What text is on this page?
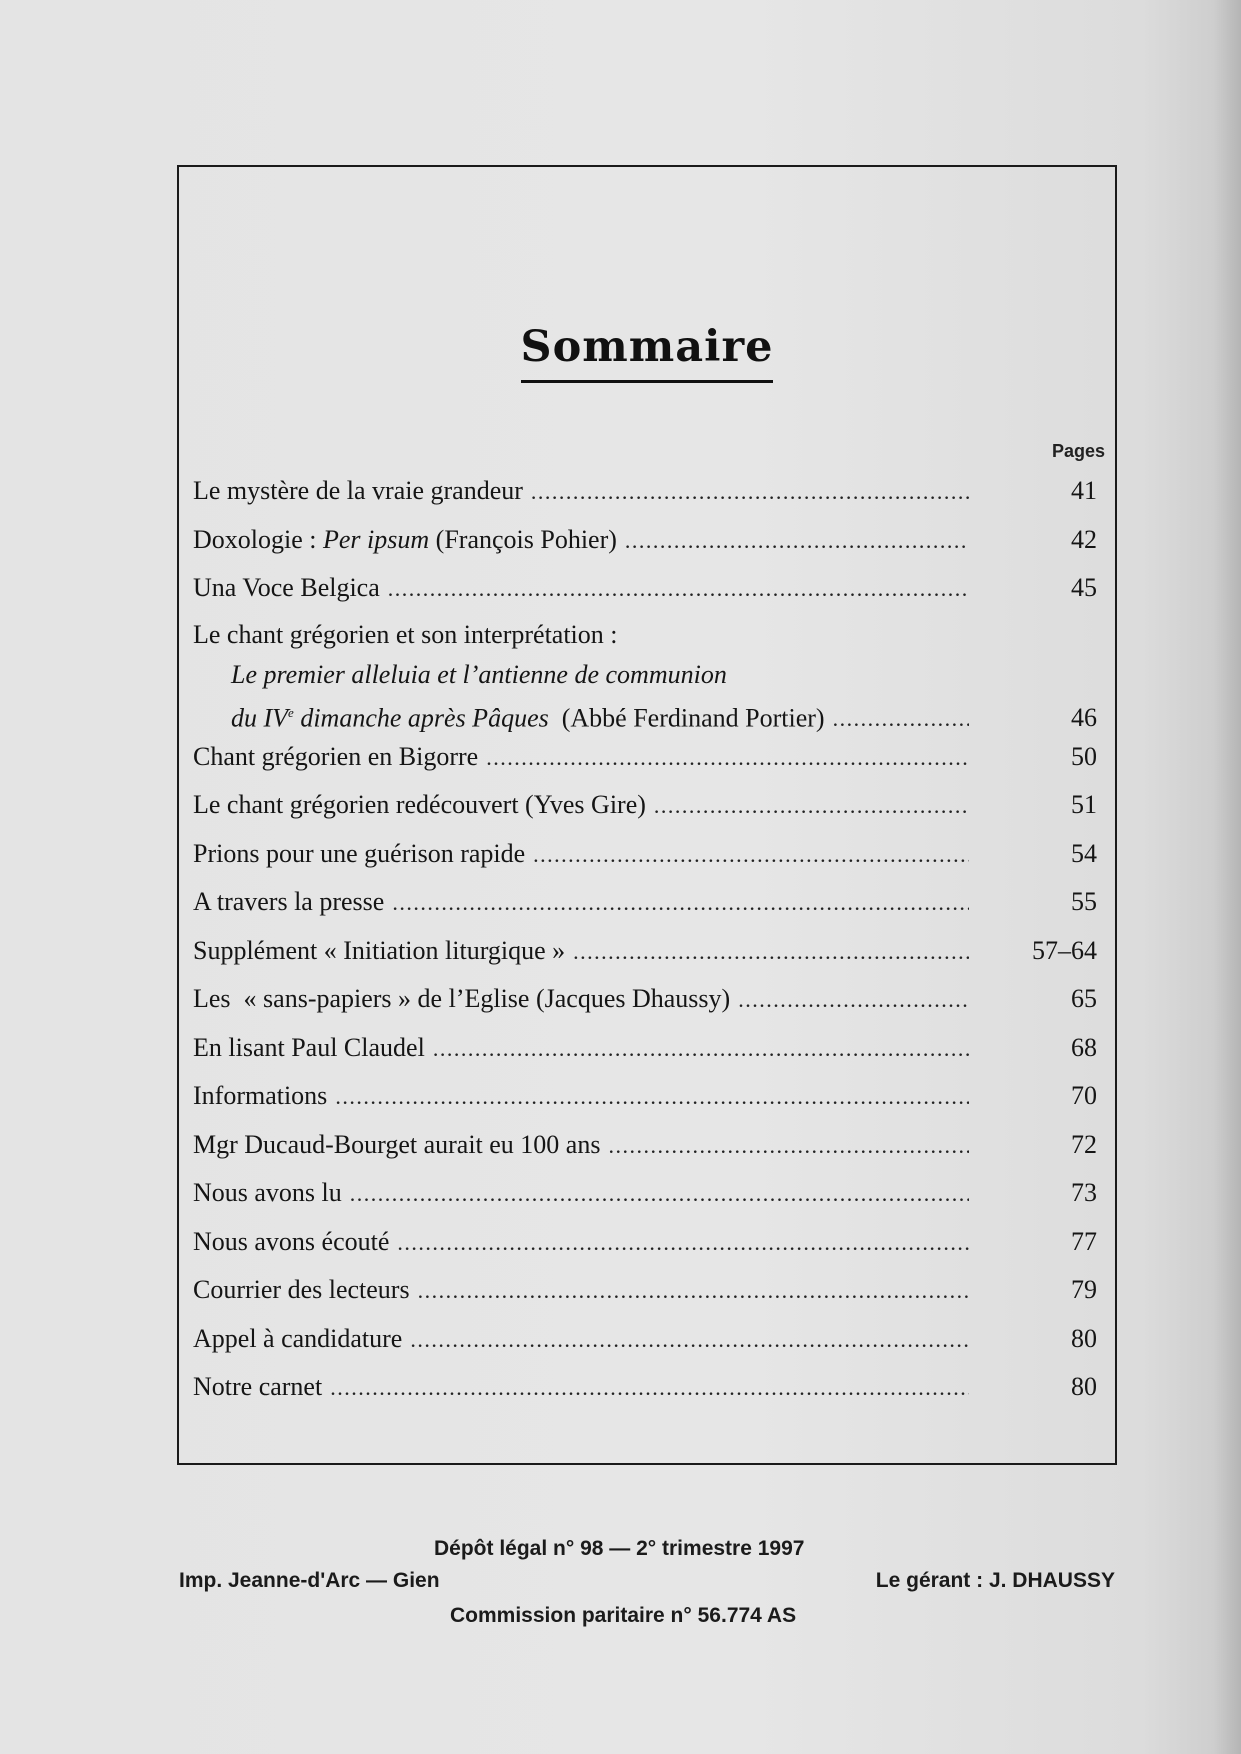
Sommaire
Pages
Le mystère de la vraie grandeur .....	41
Doxologie : Per ipsum (François Pohier) .....	42
Una Voce Belgica .....	45
Le chant grégorien et son interprétation :
Le premier alleluia et l’antienne de communion
du IVe dimanche après Pâques  (Abbé Ferdinand Portier) .....	46
Chant grégorien en Bigorre .....	50
Le chant grégorien redécouvert (Yves Gire) .....	51
Prions pour une guérison rapide .....	54
A travers la presse .....	55
Supplément « Initiation liturgique » .....	57–64
Les  « sans-papiers » de l’Eglise (Jacques Dhaussy) .....	65
En lisant Paul Claudel .....	68
Informations .....	70
Mgr Ducaud-Bourget aurait eu 100 ans .....	72
Nous avons lu .....	73
Nous avons écouté .....	77
Courrier des lecteurs .....	79
Appel à candidature .....	80
Notre carnet .....	80
Dépôt légal n° 98 — 2° trimestre 1997
Imp. Jeanne-d'Arc — Gien	Le gérant : J. DHAUSSY
Commission paritaire n° 56.774 AS
